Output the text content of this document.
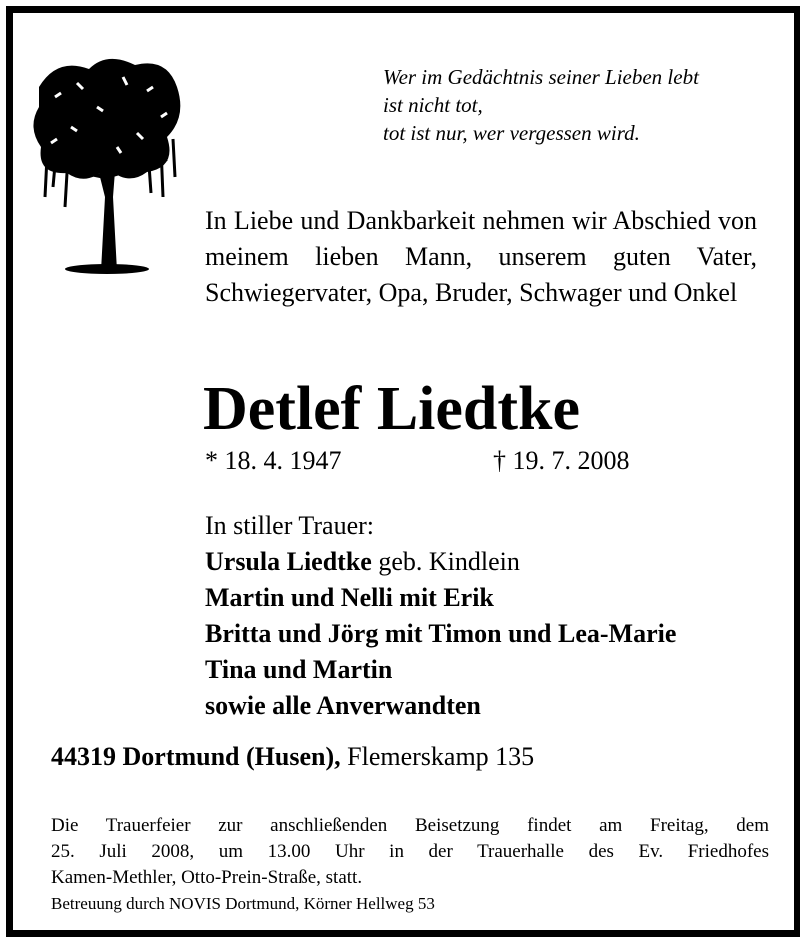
Wer im Gedächtnis seiner Lieben lebt
ist nicht tot,
tot ist nur, wer vergessen wird.
In Liebe und Dankbarkeit nehmen wir Abschied von meinem lieben Mann, unserem guten Vater, Schwiegervater, Opa, Bruder, Schwager und Onkel
Detlef Liedtke
* 18. 4. 1947	† 19. 7. 2008
In stiller Trauer:
Ursula Liedtke geb. Kindlein
Martin und Nelli mit Erik
Britta und Jörg mit Timon und Lea-Marie
Tina und Martin
sowie alle Anverwandten
44319 Dortmund (Husen), Flemerskamp 135
Die Trauerfeier zur anschließenden Beisetzung findet am Freitag, dem
25. Juli 2008, um 13.00 Uhr in der Trauerhalle des Ev. Friedhofes
Kamen-Methler, Otto-Prein-Straße, statt.
Betreuung durch NOVIS Dortmund, Körner Hellweg 53
